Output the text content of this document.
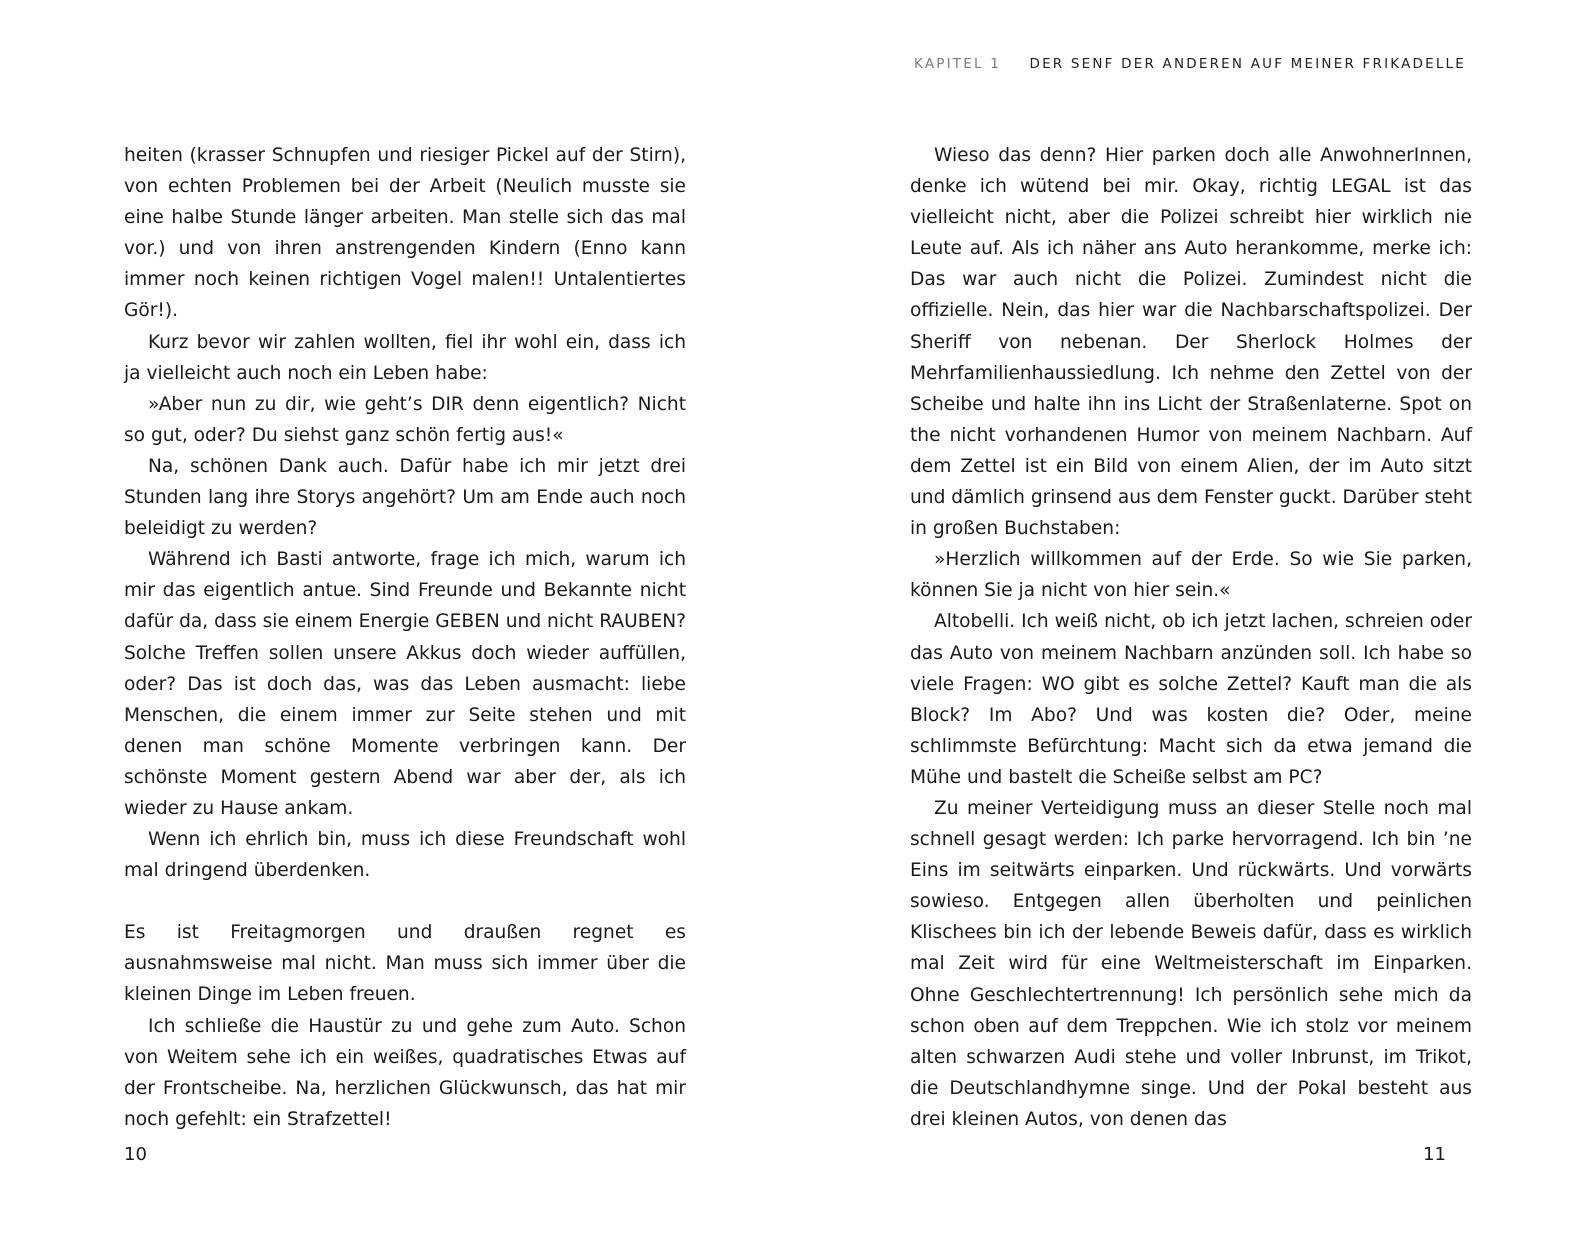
KAPITEL 1 DER SENF DER ANDEREN AUF MEINER FRIKADELLE

heiten (krasser Schnupfen und riesiger Pickel auf der Stirn), von echten Problemen bei der Arbeit (Neulich musste sie eine halbe Stunde länger arbeiten. Man stelle sich das mal vor.) und von ihren anstrengenden Kindern (Enno kann immer noch keinen richtigen Vogel malen!! Untalentiertes Gör!).

Kurz bevor wir zahlen wollten, fiel ihr wohl ein, dass ich ja vielleicht auch noch ein Leben habe:

»Aber nun zu dir, wie geht’s DIR denn eigentlich? Nicht so gut, oder? Du siehst ganz schön fertig aus!«

Na, schönen Dank auch. Dafür habe ich mir jetzt drei Stunden lang ihre Storys angehört? Um am Ende auch noch beleidigt zu werden?

Während ich Basti antworte, frage ich mich, warum ich mir das eigentlich antue. Sind Freunde und Bekannte nicht dafür da, dass sie einem Energie GEBEN und nicht RAUBEN? Solche Treffen sollen unsere Akkus doch wieder auffüllen, oder? Das ist doch das, was das Leben ausmacht: liebe Menschen, die einem immer zur Seite stehen und mit denen man schöne Momente verbringen kann. Der schönste Moment gestern Abend war aber der, als ich wieder zu Hause ankam.

Wenn ich ehrlich bin, muss ich diese Freundschaft wohl mal dringend überdenken.

Es ist Freitagmorgen und draußen regnet es ausnahmsweise mal nicht. Man muss sich immer über die kleinen Dinge im Leben freuen.

Ich schließe die Haustür zu und gehe zum Auto. Schon von Weitem sehe ich ein weißes, quadratisches Etwas auf der Frontscheibe. Na, herzlichen Glückwunsch, das hat mir noch gefehlt: ein Strafzettel!

Wieso das denn? Hier parken doch alle AnwohnerInnen, denke ich wütend bei mir. Okay, richtig LEGAL ist das vielleicht nicht, aber die Polizei schreibt hier wirklich nie Leute auf. Als ich näher ans Auto herankomme, merke ich: Das war auch nicht die Polizei. Zumindest nicht die offizielle. Nein, das hier war die Nachbarschaftspolizei. Der Sheriff von nebenan. Der Sherlock Holmes der Mehrfamilienhaussiedlung. Ich nehme den Zettel von der Scheibe und halte ihn ins Licht der Straßenlaterne. Spot on the nicht vorhandenen Humor von meinem Nachbarn. Auf dem Zettel ist ein Bild von einem Alien, der im Auto sitzt und dämlich grinsend aus dem Fenster guckt. Darüber steht in großen Buchstaben:

»Herzlich willkommen auf der Erde. So wie Sie parken, können Sie ja nicht von hier sein.«

Altobelli. Ich weiß nicht, ob ich jetzt lachen, schreien oder das Auto von meinem Nachbarn anzünden soll. Ich habe so viele Fragen: WO gibt es solche Zettel? Kauft man die als Block? Im Abo? Und was kosten die? Oder, meine schlimmste Befürchtung: Macht sich da etwa jemand die Mühe und bastelt die Scheiße selbst am PC?

Zu meiner Verteidigung muss an dieser Stelle noch mal schnell gesagt werden: Ich parke hervorragend. Ich bin ’ne Eins im seitwärts einparken. Und rückwärts. Und vorwärts sowieso. Entgegen allen überholten und peinlichen Klischees bin ich der lebende Beweis dafür, dass es wirklich mal Zeit wird für eine Weltmeisterschaft im Einparken. Ohne Geschlechtertrennung! Ich persönlich sehe mich da schon oben auf dem Treppchen. Wie ich stolz vor meinem alten schwarzen Audi stehe und voller Inbrunst, im Trikot, die Deutschlandhymne singe. Und der Pokal besteht aus drei kleinen Autos, von denen das

10	11
